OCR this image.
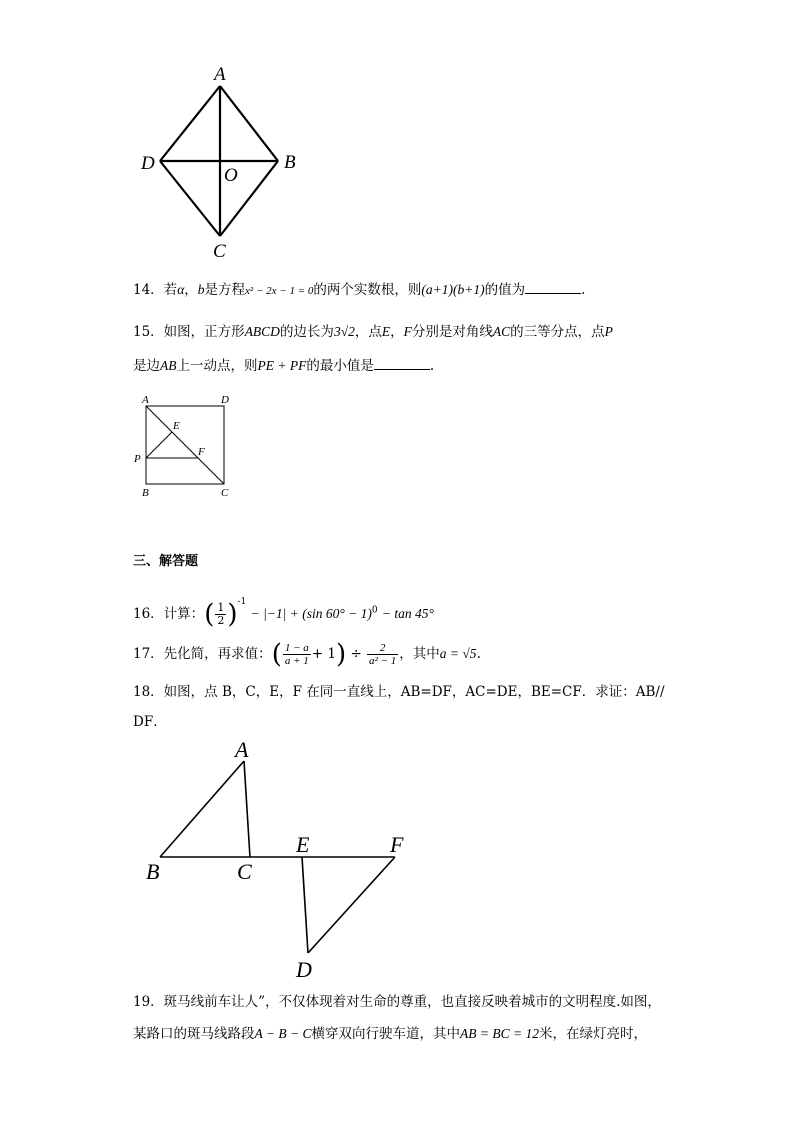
A
B
C
D
O
14．若α，b是方程x² − 2x − 1 = 0的两个实数根，则(a+1)(b+1)的值为	.
15．如图，正方形ABCD的边长为3√2，点E，F分别是对角线AC的三等分点，点P
是边AB上一动点，则PE + PF的最小值是	.
A	D
E
F
P
B	C
三、解答题
16．计算：( $\frac{1}{2} )^{-1} - |-1| + (\sin$ 60° − 1)$^0$ − tan 45°
17．先化简，再求值：( $\frac{1 - a}{a + 1} + 1) \div \frac{2}{\text{a² − 1}}$ ，其中a = √5.
18．如图，点 B，C，E，F 在同一直线上，AB=DF，AC=DE，BE=CF．求证：AB//
DF．
A
B	C
E	F
D
19．斑马线前车让人”，不仅体现着对生命的尊重，也直接反映着城市的文明程度.如图，
某路口的斑马线路段A − B − C横穿双向行驶车道，其中AB = BC = 12米，在绿灯亮时，
